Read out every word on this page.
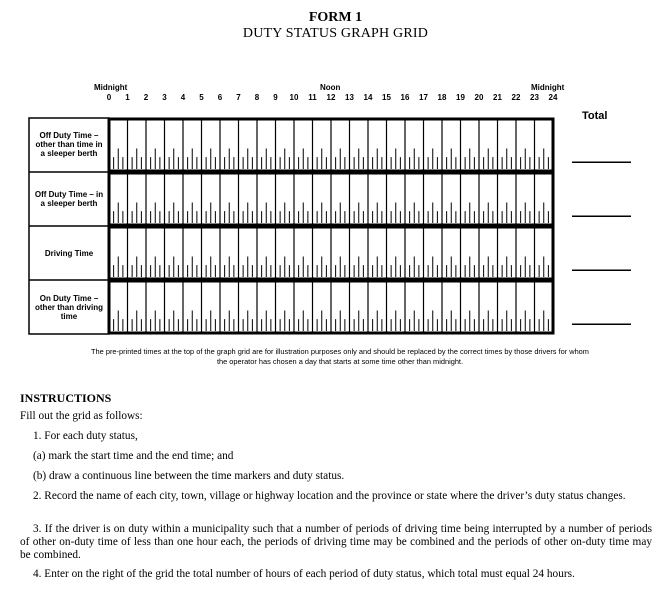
FORM 1
DUTY STATUS GRAPH GRID
Midnight	Noon	Midnight
0 1 2 3 4 5 6 7 8 9 10 11 12 13 14 15 16 17 18 19 20 21 22 23 24
Total
Off Duty Time – other than time in a sleeper berth
Off Duty Time – in a sleeper berth
Driving Time
On Duty Time – other than driving time
The pre-printed times at the top of the graph grid are for illustration purposes only and should be replaced by the correct times by those drivers for whom the operator has chosen a day that starts at some time other than midnight.
INSTRUCTIONS
Fill out the grid as follows:
1. For each duty status,
(a) mark the start time and the end time; and
(b) draw a continuous line between the time markers and duty status.
2. Record the name of each city, town, village or highway location and the province or state where the driver’s duty status changes.
3. If the driver is on duty within a municipality such that a number of periods of driving time being interrupted by a number of periods of other on-duty time of less than one hour each, the periods of driving time may be combined and the periods of other on-duty time may be combined.
4. Enter on the right of the grid the total number of hours of each period of duty status, which total must equal 24 hours.
